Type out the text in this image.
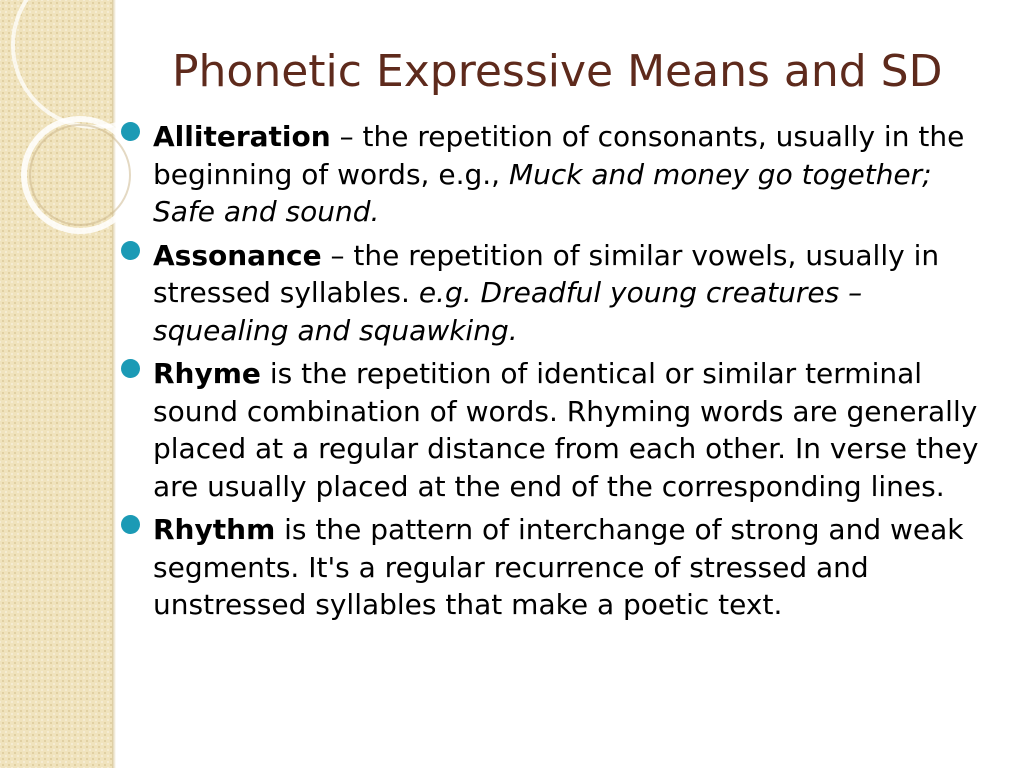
Phonetic Expressive Means and SD
Alliteration – the repetition of consonants, usually in the beginning of words, e.g., Muck and money go together; Safe and sound.
Assonance – the repetition of similar vowels, usually in stressed syllables. e.g. Dreadful young creatures – squealing and squawking.
Rhyme is the repetition of identical or similar terminal sound combination of words. Rhyming words are generally placed at a regular distance from each other. In verse they are usually placed at the end of the corresponding lines.
Rhythm is the pattern of interchange of strong and weak segments. It's a regular recurrence of stressed and unstressed syllables that make a poetic text.
